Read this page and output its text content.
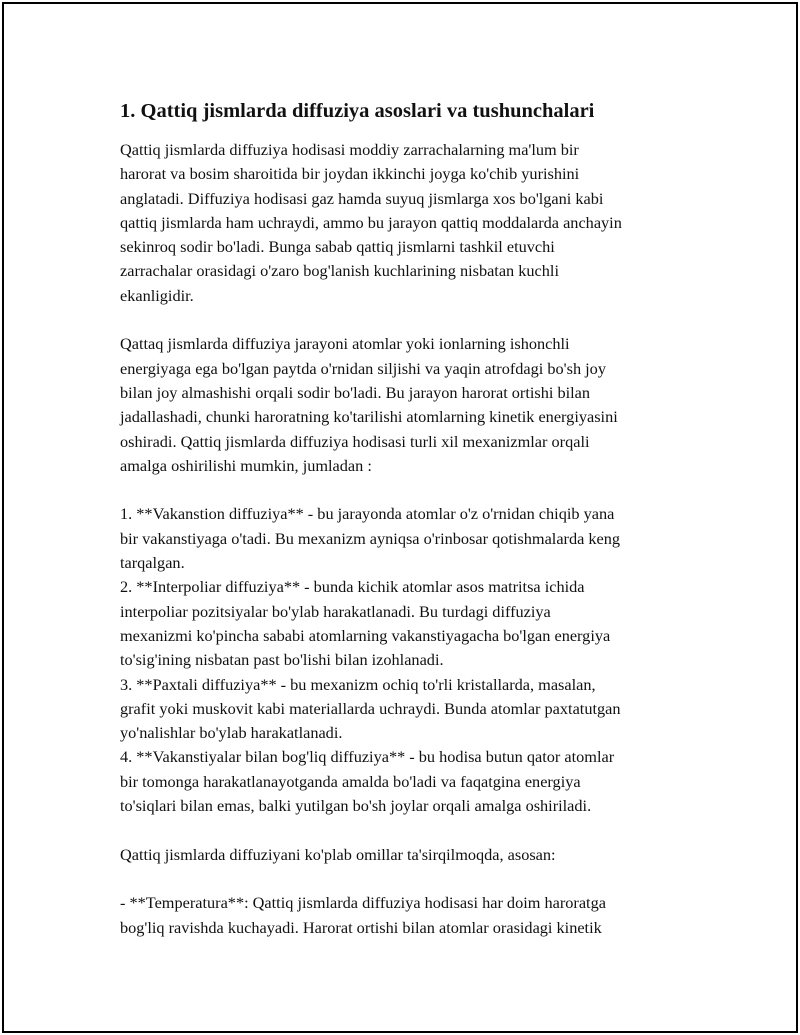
1. Qattiq jismlarda diffuziya asoslari va tushunchalari
Qattiq jismlarda diffuziya hodisasi moddiy zarrachalarning ma'lum bir
harorat va bosim sharoitida bir joydan ikkinchi joyga ko'chib yurishini
anglatadi. Diffuziya hodisasi gaz hamda suyuq jismlarga xos bo'lgani kabi
qattiq jismlarda ham uchraydi, ammo bu jarayon qattiq moddalarda anchayin
sekinroq sodir bo'ladi. Bunga sabab qattiq jismlarni tashkil etuvchi
zarrachalar orasidagi o'zaro bog'lanish kuchlarining nisbatan kuchli
ekanligidir.
Qattaq jismlarda diffuziya jarayoni atomlar yoki ionlarning ishonchli
energiyaga ega bo'lgan paytda o'rnidan siljishi va yaqin atrofdagi bo'sh joy
bilan joy almashishi orqali sodir bo'ladi. Bu jarayon harorat ortishi bilan
jadallashadi, chunki haroratning ko'tarilishi atomlarning kinetik energiyasini
oshiradi. Qattiq jismlarda diffuziya hodisasi turli xil mexanizmlar orqali
amalga oshirilishi mumkin, jumladan :
1. **Vakanstion diffuziya** - bu jarayonda atomlar o'z o'rnidan chiqib yana
bir vakanstiyaga o'tadi. Bu mexanizm ayniqsa o'rinbosar qotishmalarda keng
tarqalgan.
2. **Interpoliar diffuziya** - bunda kichik atomlar asos matritsa ichida
interpoliar pozitsiyalar bo'ylab harakatlanadi. Bu turdagi diffuziya
mexanizmi ko'pincha sababi atomlarning vakanstiyagacha bo'lgan energiya
to'sig'ining nisbatan past bo'lishi bilan izohlanadi.
3. **Paxtali diffuziya** - bu mexanizm ochiq to'rli kristallarda, masalan,
grafit yoki muskovit kabi materiallarda uchraydi. Bunda atomlar paxtatutgan
yo'nalishlar bo'ylab harakatlanadi.
4. **Vakanstiyalar bilan bog'liq diffuziya** - bu hodisa butun qator atomlar
bir tomonga harakatlanayotganda amalda bo'ladi va faqatgina energiya
to'siqlari bilan emas, balki yutilgan bo'sh joylar orqali amalga oshiriladi.
Qattiq jismlarda diffuziyani ko'plab omillar ta'sirqilmoqda, asosan:
- **Temperatura**: Qattiq jismlarda diffuziya hodisasi har doim haroratga
bog'liq ravishda kuchayadi. Harorat ortishi bilan atomlar orasidagi kinetik
